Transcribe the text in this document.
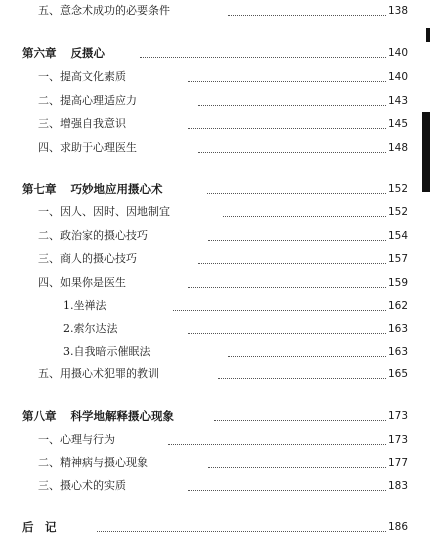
五、意念术成功的必要条件	138
第六章 反摄心	140
一、提高文化素质	140
二、提高心理适应力	143
三、增强自我意识	145
四、求助于心理医生	148
第七章 巧妙地应用摄心术	152
一、因人、因时、因地制宜	152
二、政治家的摄心技巧	154
三、商人的摄心技巧	157
四、如果你是医生	159
1.坐禅法	162
2.索尔达法	163
3.自我暗示催眠法	163
五、用摄心术犯罪的教训	165
第八章 科学地解释摄心现象	173
一、心理与行为	173
二、精神病与摄心现象	177
三、摄心术的实质	183
后　记	186
